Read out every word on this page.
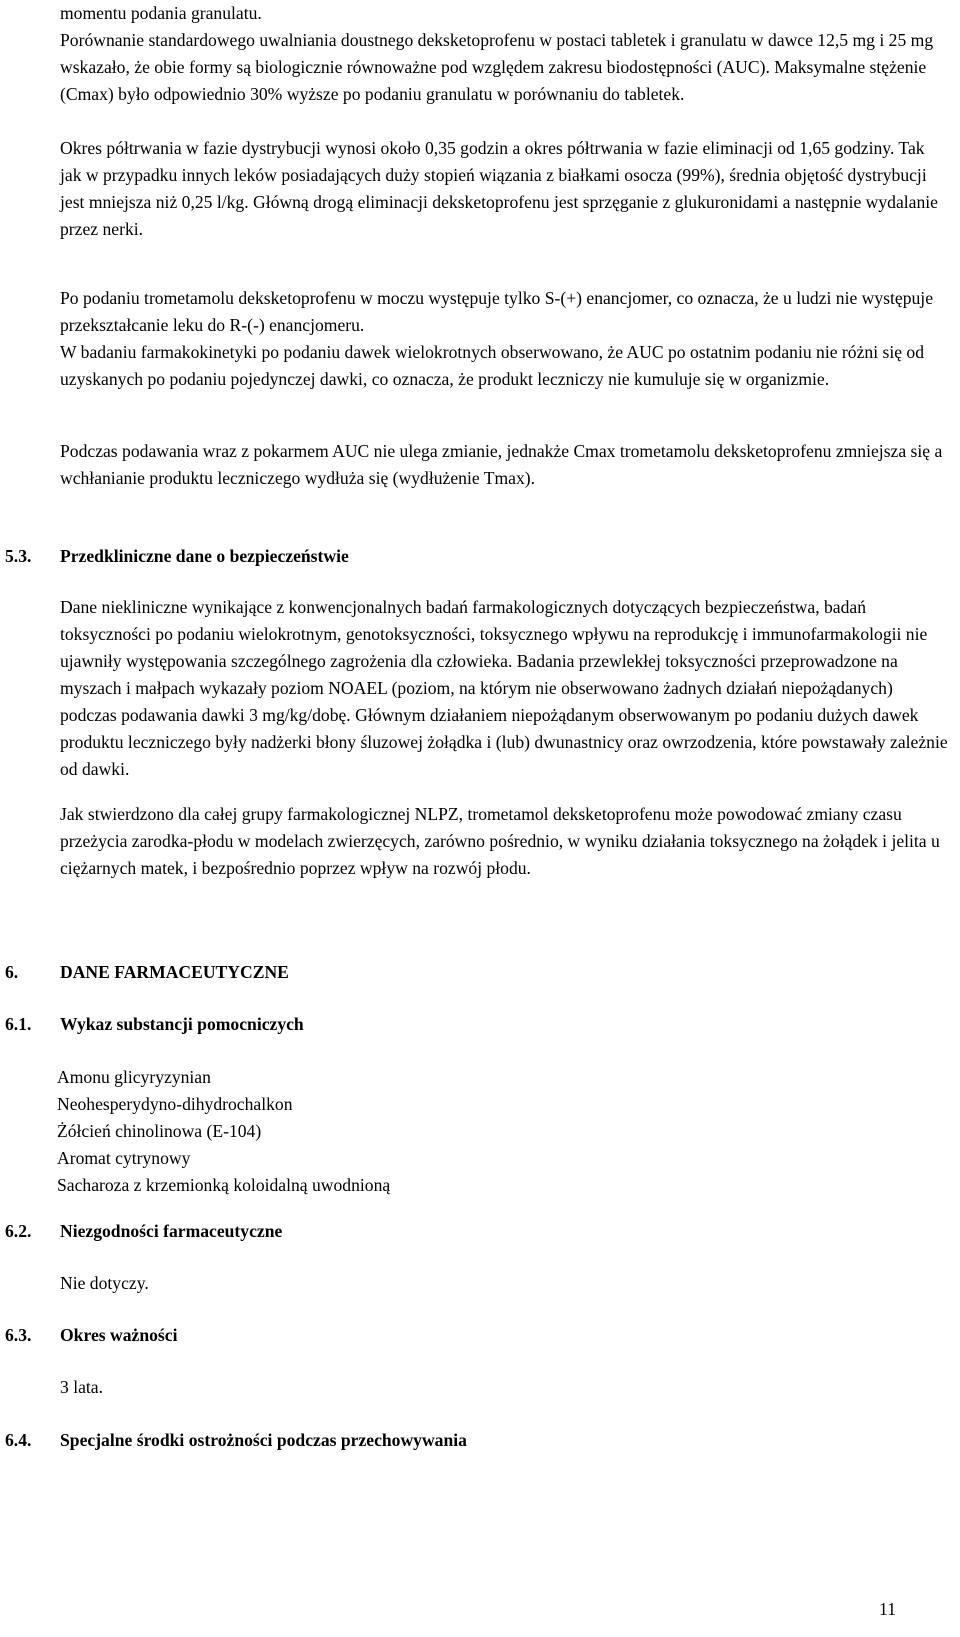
momentu podania granulatu.

Porównanie standardowego uwalniania doustnego deksketoprofenu w postaci tabletek i granulatu w dawce 12,5 mg i 25 mg wskazało, że obie formy są biologicznie równoważne pod względem zakresu biodostępności (AUC). Maksymalne stężenie (Cmax) było odpowiednio 30% wyższe po podaniu granulatu w porównaniu do tabletek.

Okres półtrwania w fazie dystrybucji wynosi około 0,35 godzin a okres półtrwania w fazie eliminacji od 1,65 godziny. Tak jak w przypadku innych leków posiadających duży stopień wiązania z białkami osocza (99%), średnia objętość dystrybucji jest mniejsza niż 0,25 l/kg. Główną drogą eliminacji deksketoprofenu jest sprzęganie z glukuronidami a następnie wydalanie przez nerki.

Po podaniu trometamolu deksketoprofenu w moczu występuje tylko S-(+) enancjomer, co oznacza, że u ludzi nie występuje przekształcanie leku do R-(-) enancjomeru.

W badaniu farmakokinetyki po podaniu dawek wielokrotnych obserwowano, że AUC po ostatnim podaniu nie różni się od uzyskanych po podaniu pojedynczej dawki, co oznacza, że produkt leczniczy nie kumuluje się w organizmie.

Podczas podawania wraz z pokarmem AUC nie ulega zmianie, jednakże Cmax trometamolu deksketoprofenu zmniejsza się a wchłanianie produktu leczniczego wydłuża się (wydłużenie Tmax).

5.3. Przedkliniczne dane o bezpieczeństwie

Dane niekliniczne wynikające z konwencjonalnych badań farmakologicznych dotyczących bezpieczeństwa, badań toksyczności po podaniu wielokrotnym, genotoksyczności, toksycznego wpływu na reprodukcję i immunofarmakologii nie ujawniły występowania szczególnego zagrożenia dla człowieka. Badania przewlekłej toksyczności przeprowadzone na myszach i małpach wykazały poziom NOAEL (poziom, na którym nie obserwowano żadnych działań niepożądanych) podczas podawania dawki 3 mg/kg/dobę. Głównym działaniem niepożądanym obserwowanym po podaniu dużych dawek produktu leczniczego były nadżerki błony śluzowej żołądka i (lub) dwunastnicy oraz owrzodzenia, które powstawały zależnie od dawki.

Jak stwierdzono dla całej grupy farmakologicznej NLPZ, trometamol deksketoprofenu może powodować zmiany czasu przeżycia zarodka-płodu w modelach zwierzęcych, zarówno pośrednio, w wyniku działania toksycznego na żołądek i jelita u ciężarnych matek, i bezpośrednio poprzez wpływ na rozwój płodu.

6. DANE FARMACEUTYCZNE
6.1. Wykaz substancji pomocniczych
Amonu glicyryzynian
Neohesperydyno-dihydrochalkon
Żółcień chinolinowa (E-104)
Aromat cytrynowy
Sacharoza z krzemionką koloidalną uwodnioną
6.2. Niezgodności farmaceutyczne

Nie dotyczy.

6.3. Okres ważności

3 lata.

6.4. Specjalne środki ostrożności podczas przechowywania
11
